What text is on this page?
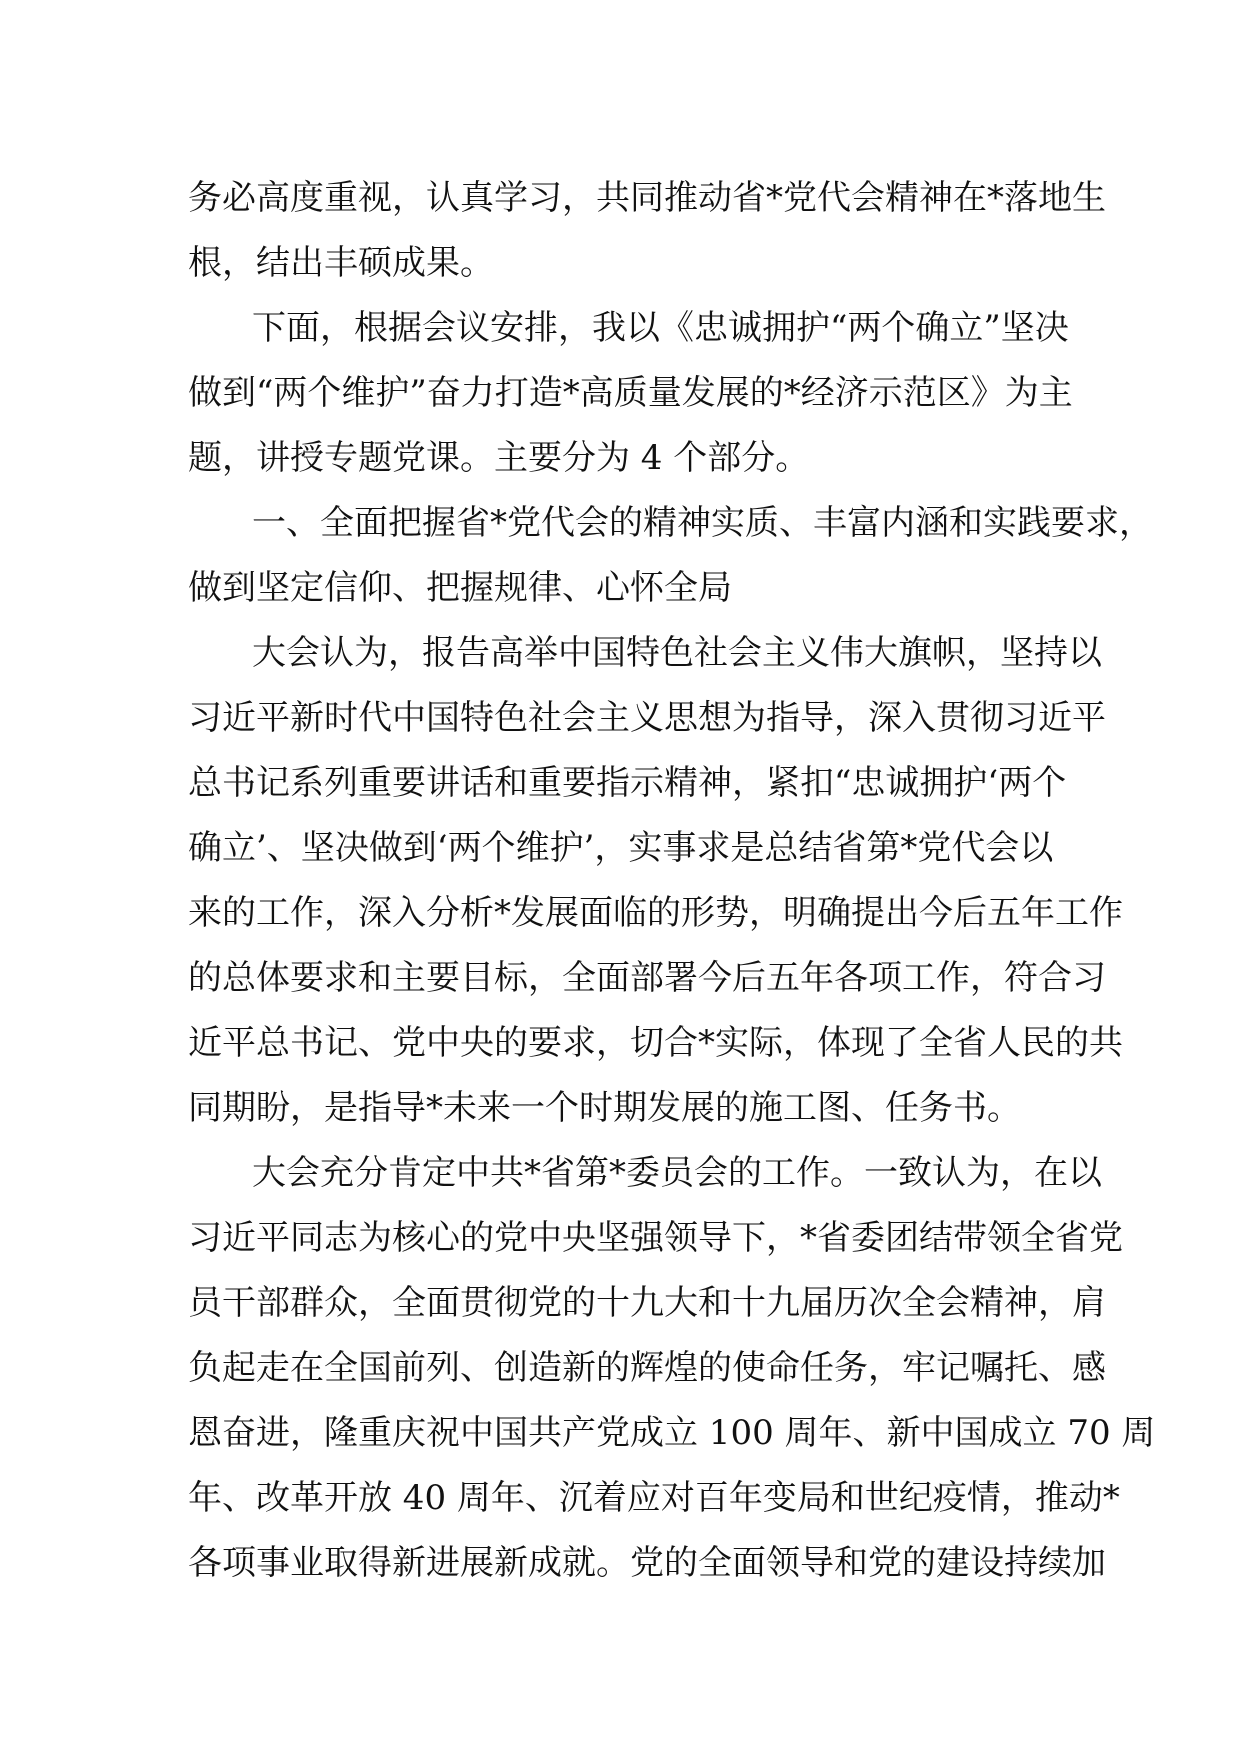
务必高度重视，认真学习，共同推动省*党代会精神在*落地生
根，结出丰硕成果。
下面，根据会议安排，我以《忠诚拥护“两个确立”坚决
做到“两个维护”奋力打造*高质量发展的*经济示范区》为主
题，讲授专题党课。主要分为 4 个部分。
一、全面把握省*党代会的精神实质、丰富内涵和实践要求，
做到坚定信仰、把握规律、心怀全局
大会认为，报告高举中国特色社会主义伟大旗帜，坚持以
习近平新时代中国特色社会主义思想为指导，深入贯彻习近平
总书记系列重要讲话和重要指示精神，紧扣“忠诚拥护‘两个
确立’、坚决做到‘两个维护’，实事求是总结省第*党代会以
来的工作，深入分析*发展面临的形势，明确提出今后五年工作
的总体要求和主要目标，全面部署今后五年各项工作，符合习
近平总书记、党中央的要求，切合*实际，体现了全省人民的共
同期盼，是指导*未来一个时期发展的施工图、任务书。
大会充分肯定中共*省第*委员会的工作。一致认为，在以
习近平同志为核心的党中央坚强领导下，*省委团结带领全省党
员干部群众，全面贯彻党的十九大和十九届历次全会精神，肩
负起走在全国前列、创造新的辉煌的使命任务，牢记嘱托、感
恩奋进，隆重庆祝中国共产党成立 100 周年、新中国成立 70 周
年、改革开放 40 周年、沉着应对百年变局和世纪疫情，推动*
各项事业取得新进展新成就。党的全面领导和党的建设持续加
